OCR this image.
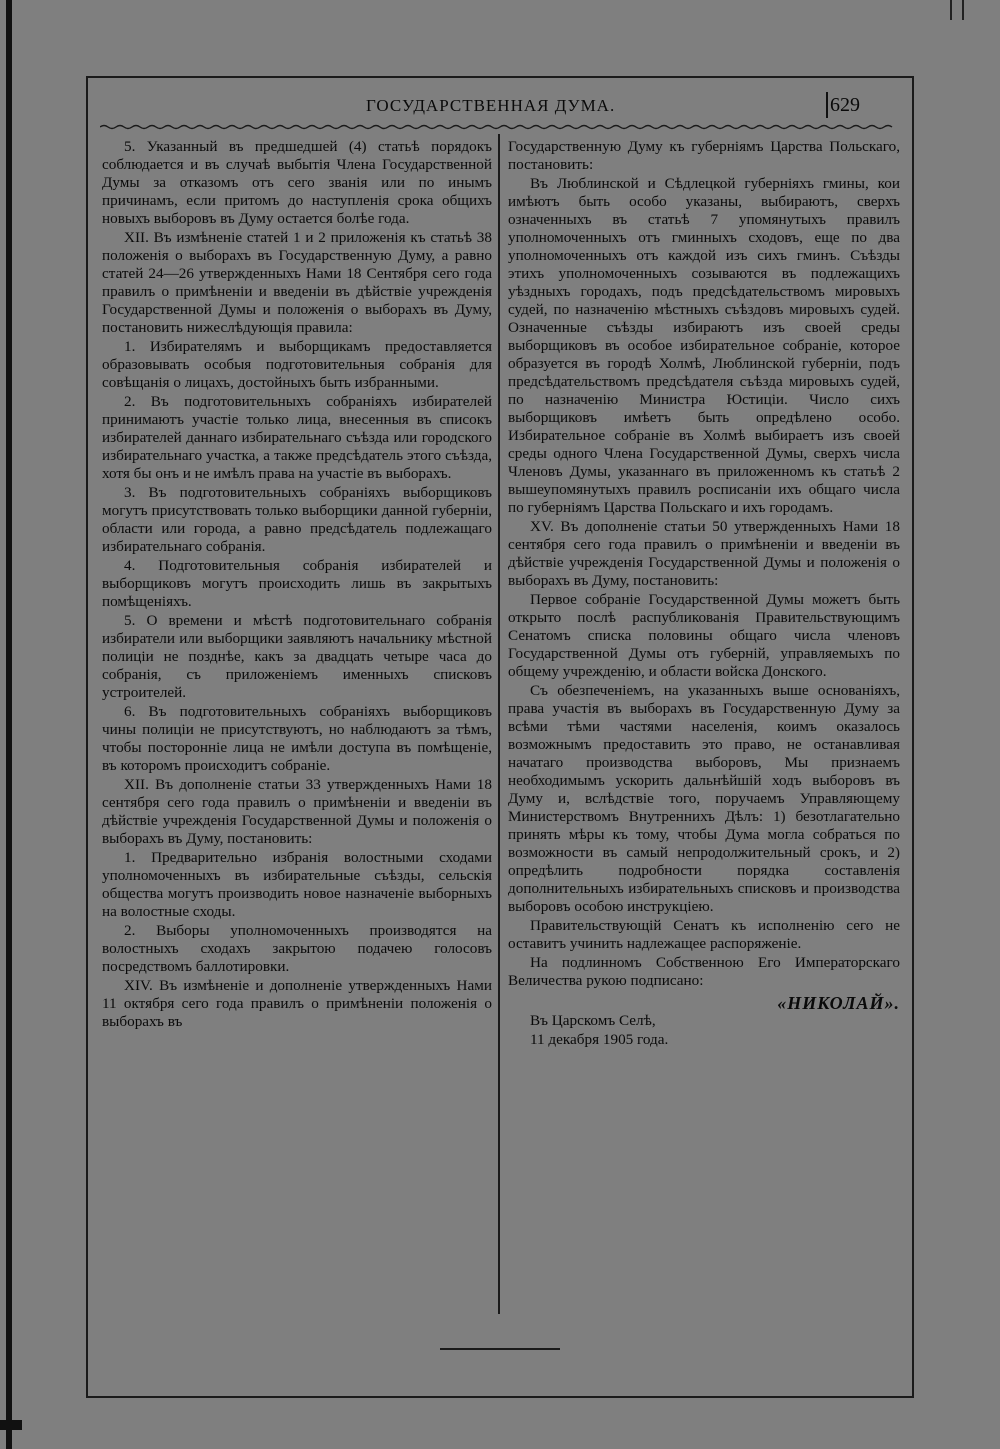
ГОСУДАРСТВЕННАЯ ДУМА.	629

5. Указанный въ предшедшей (4) статьѣ порядокъ соблюдается и въ случаѣ выбытія Члена Государственной Думы за отказомъ отъ сего званія или по инымъ причинамъ, если притомъ до наступленія срока общихъ новыхъ выборовъ въ Думу остается болѣе года.

XII. Въ измѣненіе статей 1 и 2 приложенія къ статьѣ 38 положенія о выборахъ въ Государственную Думу, а равно статей 24—26 утвержденныхъ Нами 18 Сентября сего года правилъ о примѣненіи и введеніи въ дѣйствіе учрежденія Государственной Думы и положенія о выборахъ въ Думу, постановить нижеслѣдующія правила:

1. Избирателямъ и выборщикамъ предоставляется образовывать особыя подготовительныя собранія для совѣщанія о лицахъ, достойныхъ быть избранными.

2. Въ подготовительныхъ собраніяхъ избирателей принимаютъ участіе только лица, внесенныя въ списокъ избирателей даннаго избирательнаго съѣзда или городского избирательнаго участка, а также предсѣдатель этого съѣзда, хотя бы онъ и не имѣлъ права на участіе въ выборахъ.

3. Въ подготовительныхъ собраніяхъ выборщиковъ могутъ присутствовать только выборщики данной губерніи, области или города, а равно предсѣдатель подлежащаго избирательнаго собранія.

4. Подготовительныя собранія избирателей и выборщиковъ могутъ происходить лишь въ закрытыхъ помѣщеніяхъ.

5. О времени и мѣстѣ подготовительнаго собранія избиратели или выборщики заявляютъ начальнику мѣстной полиціи не позднѣе, какъ за двадцать четыре часа до собранія, съ приложеніемъ именныхъ списковъ устроителей.

6. Въ подготовительныхъ собраніяхъ выборщиковъ чины полиціи не присутствуютъ, но наблюдаютъ за тѣмъ, чтобы посторонніе лица не имѣли доступа въ помѣщеніе, въ которомъ происходитъ собраніе.

XII. Въ дополненіе статьи 33 утвержденныхъ Нами 18 сентября сего года правилъ о примѣненіи и введеніи въ дѣйствіе учрежденія Государственной Думы и положенія о выборахъ въ Думу, постановить:

1. Предварительно избранія волостными сходами уполномоченныхъ въ избирательные съѣзды, сельскія общества могутъ производить новое назначеніе выборныхъ на волостные сходы.

2. Выборы уполномоченныхъ производятся на волостныхъ сходахъ закрытою подачею голосовъ посредствомъ баллотировки.

XIV. Въ измѣненіе и дополненіе утвержденныхъ Нами 11 октября сего года правилъ о примѣненіи положенія о выборахъ въ

Государственную Думу къ губерніямъ Царства Польскаго, постановить:

Въ Люблинской и Сѣдлецкой губерніяхъ гмины, кои имѣютъ быть особо указаны, выбираютъ, сверхъ означенныхъ въ статьѣ 7 упомянутыхъ правилъ уполномоченныхъ отъ гминныхъ сходовъ, еще по два уполномоченныхъ отъ каждой изъ сихъ гминъ. Съѣзды этихъ уполномоченныхъ созываются въ подлежащихъ уѣздныхъ городахъ, подъ предсѣдательствомъ мировыхъ судей, по назначенію мѣстныхъ съѣздовъ мировыхъ судей. Означенные съѣзды избираютъ изъ своей среды выборщиковъ въ особое избирательное собраніе, которое образуется въ городѣ Холмѣ, Люблинской губерніи, подъ предсѣдательствомъ предсѣдателя съѣзда мировыхъ судей, по назначенію Министра Юстиціи. Число сихъ выборщиковъ имѣетъ быть опредѣлено особо. Избирательное собраніе въ Холмѣ выбираетъ изъ своей среды одного Члена Государственной Думы, сверхъ числа Членовъ Думы, указаннаго въ приложенномъ къ статьѣ 2 вышеупомянутыхъ правилъ росписаніи ихъ общаго числа по губерніямъ Царства Польскаго и ихъ городамъ.

XV. Въ дополненіе статьи 50 утвержденныхъ Нами 18 сентября сего года правилъ о примѣненіи и введеніи въ дѣйствіе учрежденія Государственной Думы и положенія о выборахъ въ Думу, постановить:

Первое собраніе Государственной Думы можетъ быть открыто послѣ распубликованія Правительствующимъ Сенатомъ списка половины общаго числа членовъ Государственной Думы отъ губерній, управляемыхъ по общему учрежденію, и области войска Донского.

Съ обезпеченіемъ, на указанныхъ выше основаніяхъ, права участія въ выборахъ въ Государственную Думу за всѣми тѣми частями населенія, коимъ оказалось возможнымъ предоставить это право, не останавливая начатаго производства выборовъ, Мы признаемъ необходимымъ ускорить дальнѣйшій ходъ выборовъ въ Думу и, вслѣдствіе того, поручаемъ Управляющему Министерствомъ Внутреннихъ Дѣлъ: 1) безотлагательно принять мѣры къ тому, чтобы Дума могла собраться по возможности въ самый непродолжительный срокъ, и 2) опредѣлить подробности порядка составленія дополнительныхъ избирательныхъ списковъ и производства выборовъ особою инструкціею.

Правительствующій Сенатъ къ исполненію сего не оставитъ учинить надлежащее распоряженіе.

На подлинномъ Собственною Его Императорскаго Величества рукою подписано:

«НИКОЛАЙ».

Въ Царскомъ Селѣ,

11 декабря 1905 года.
